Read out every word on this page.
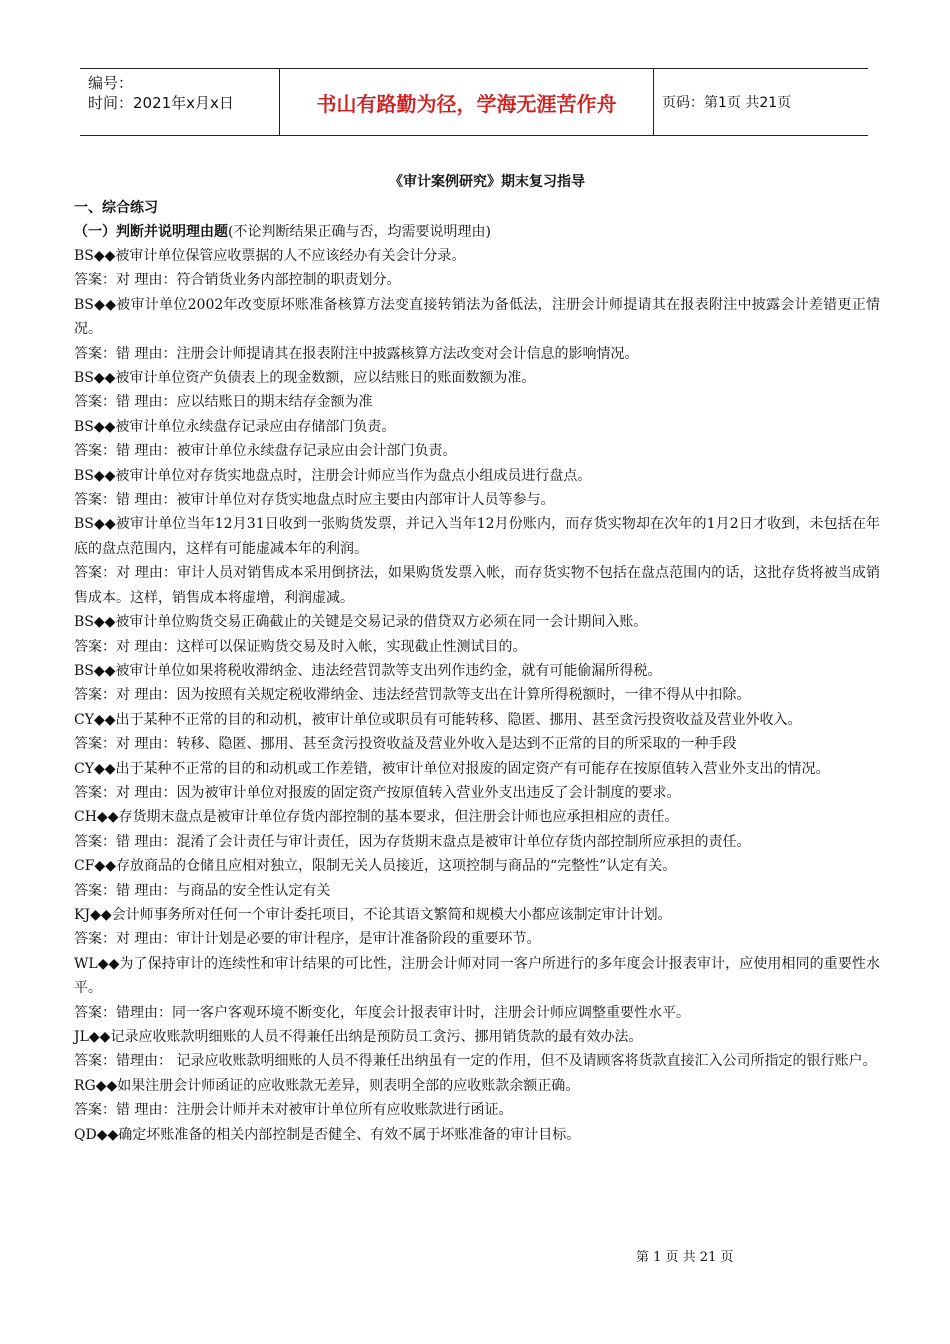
编号：
时间：2021年x月x日	书山有路勤为径，学海无涯苦作舟	页码：第1页 共21页
《审计案例研究》期末复习指导
一、综合练习
（一）判断并说明理由题(不论判断结果正确与否，均需要说明理由)

BS◆◆被审计单位保管应收票据的人不应该经办有关会计分录。

答案：对 理由：符合销货业务内部控制的职责划分。

BS◆◆被审计单位2002年改变原坏账准备核算方法变直接转销法为备低法，注册会计师提请其在报表附注中披露会计差错更正情况。

答案：错 理由：注册会计师提请其在报表附注中披露核算方法改变对会计信息的影响情况。

BS◆◆被审计单位资产负债表上的现金数额，应以结账日的账面数额为准。

答案：错 理由：应以结账日的期末结存金额为准

BS◆◆被审计单位永续盘存记录应由存储部门负责。

答案：错 理由：被审计单位永续盘存记录应由会计部门负责。

BS◆◆被审计单位对存货实地盘点时，注册会计师应当作为盘点小组成员进行盘点。

答案：错 理由：被审计单位对存货实地盘点时应主要由内部审计人员等参与。

BS◆◆被审计单位当年12月31日收到一张购货发票，并记入当年12月份账内，而存货实物却在次年的1月2日才收到，未包括在年底的盘点范围内，这样有可能虚减本年的利润。

答案：对 理由：审计人员对销售成本采用倒挤法，如果购货发票入帐，而存货实物不包括在盘点范围内的话，这批存货将被当成销售成本。这样，销售成本将虚增，利润虚减。

BS◆◆被审计单位购货交易正确截止的关键是交易记录的借贷双方必须在同一会计期间入账。

答案：对 理由：这样可以保证购货交易及时入帐，实现截止性测试目的。

BS◆◆被审计单位如果将税收滞纳金、违法经营罚款等支出列作违约金，就有可能偷漏所得税。

答案：对 理由：因为按照有关规定税收滞纳金、违法经营罚款等支出在计算所得税额时，一律不得从中扣除。

CY◆◆出于某种不正常的目的和动机，被审计单位或职员有可能转移、隐匿、挪用、甚至贪污投资收益及营业外收入。

答案：对 理由：转移、隐匿、挪用、甚至贪污投资收益及营业外收入是达到不正常的目的所采取的一种手段

CY◆◆出于某种不正常的目的和动机或工作差错，被审计单位对报废的固定资产有可能存在按原值转入营业外支出的情况。

答案：对 理由：因为被审计单位对报废的固定资产按原值转入营业外支出违反了会计制度的要求。

CH◆◆存货期末盘点是被审计单位存货内部控制的基本要求，但注册会计师也应承担相应的责任。

答案：错 理由：混淆了会计责任与审计责任，因为存货期末盘点是被审计单位存货内部控制所应承担的责任。

CF◆◆存放商品的仓储且应相对独立，限制无关人员接近，这项控制与商品的“完整性”认定有关。

答案：错 理由：与商品的安全性认定有关

KJ◆◆会计师事务所对任何一个审计委托项目，不论其语文繁简和规模大小都应该制定审计计划。

答案：对 理由：审计计划是必要的审计程序，是审计准备阶段的重要环节。

WL◆◆为了保持审计的连续性和审计结果的可比性，注册会计师对同一客户所进行的多年度会计报表审计，应使用相同的重要性水平。

答案：错理由：同一客户客观环境不断变化，年度会计报表审计时，注册会计师应调整重要性水平。

JL◆◆记录应收账款明细账的人员不得兼任出纳是预防员工贪污、挪用销货款的最有效办法。

答案：错理由： 记录应收账款明细账的人员不得兼任出纳虽有一定的作用，但不及请顾客将货款直接汇入公司所指定的银行账户。

RG◆◆如果注册会计师函证的应收账款无差异，则表明全部的应收账款余额正确。

答案：错 理由：注册会计师并未对被审计单位所有应收账款进行函证。

QD◆◆确定坏账准备的相关内部控制是否健全、有效不属于坏账准备的审计目标。

第 1 页 共 21 页
